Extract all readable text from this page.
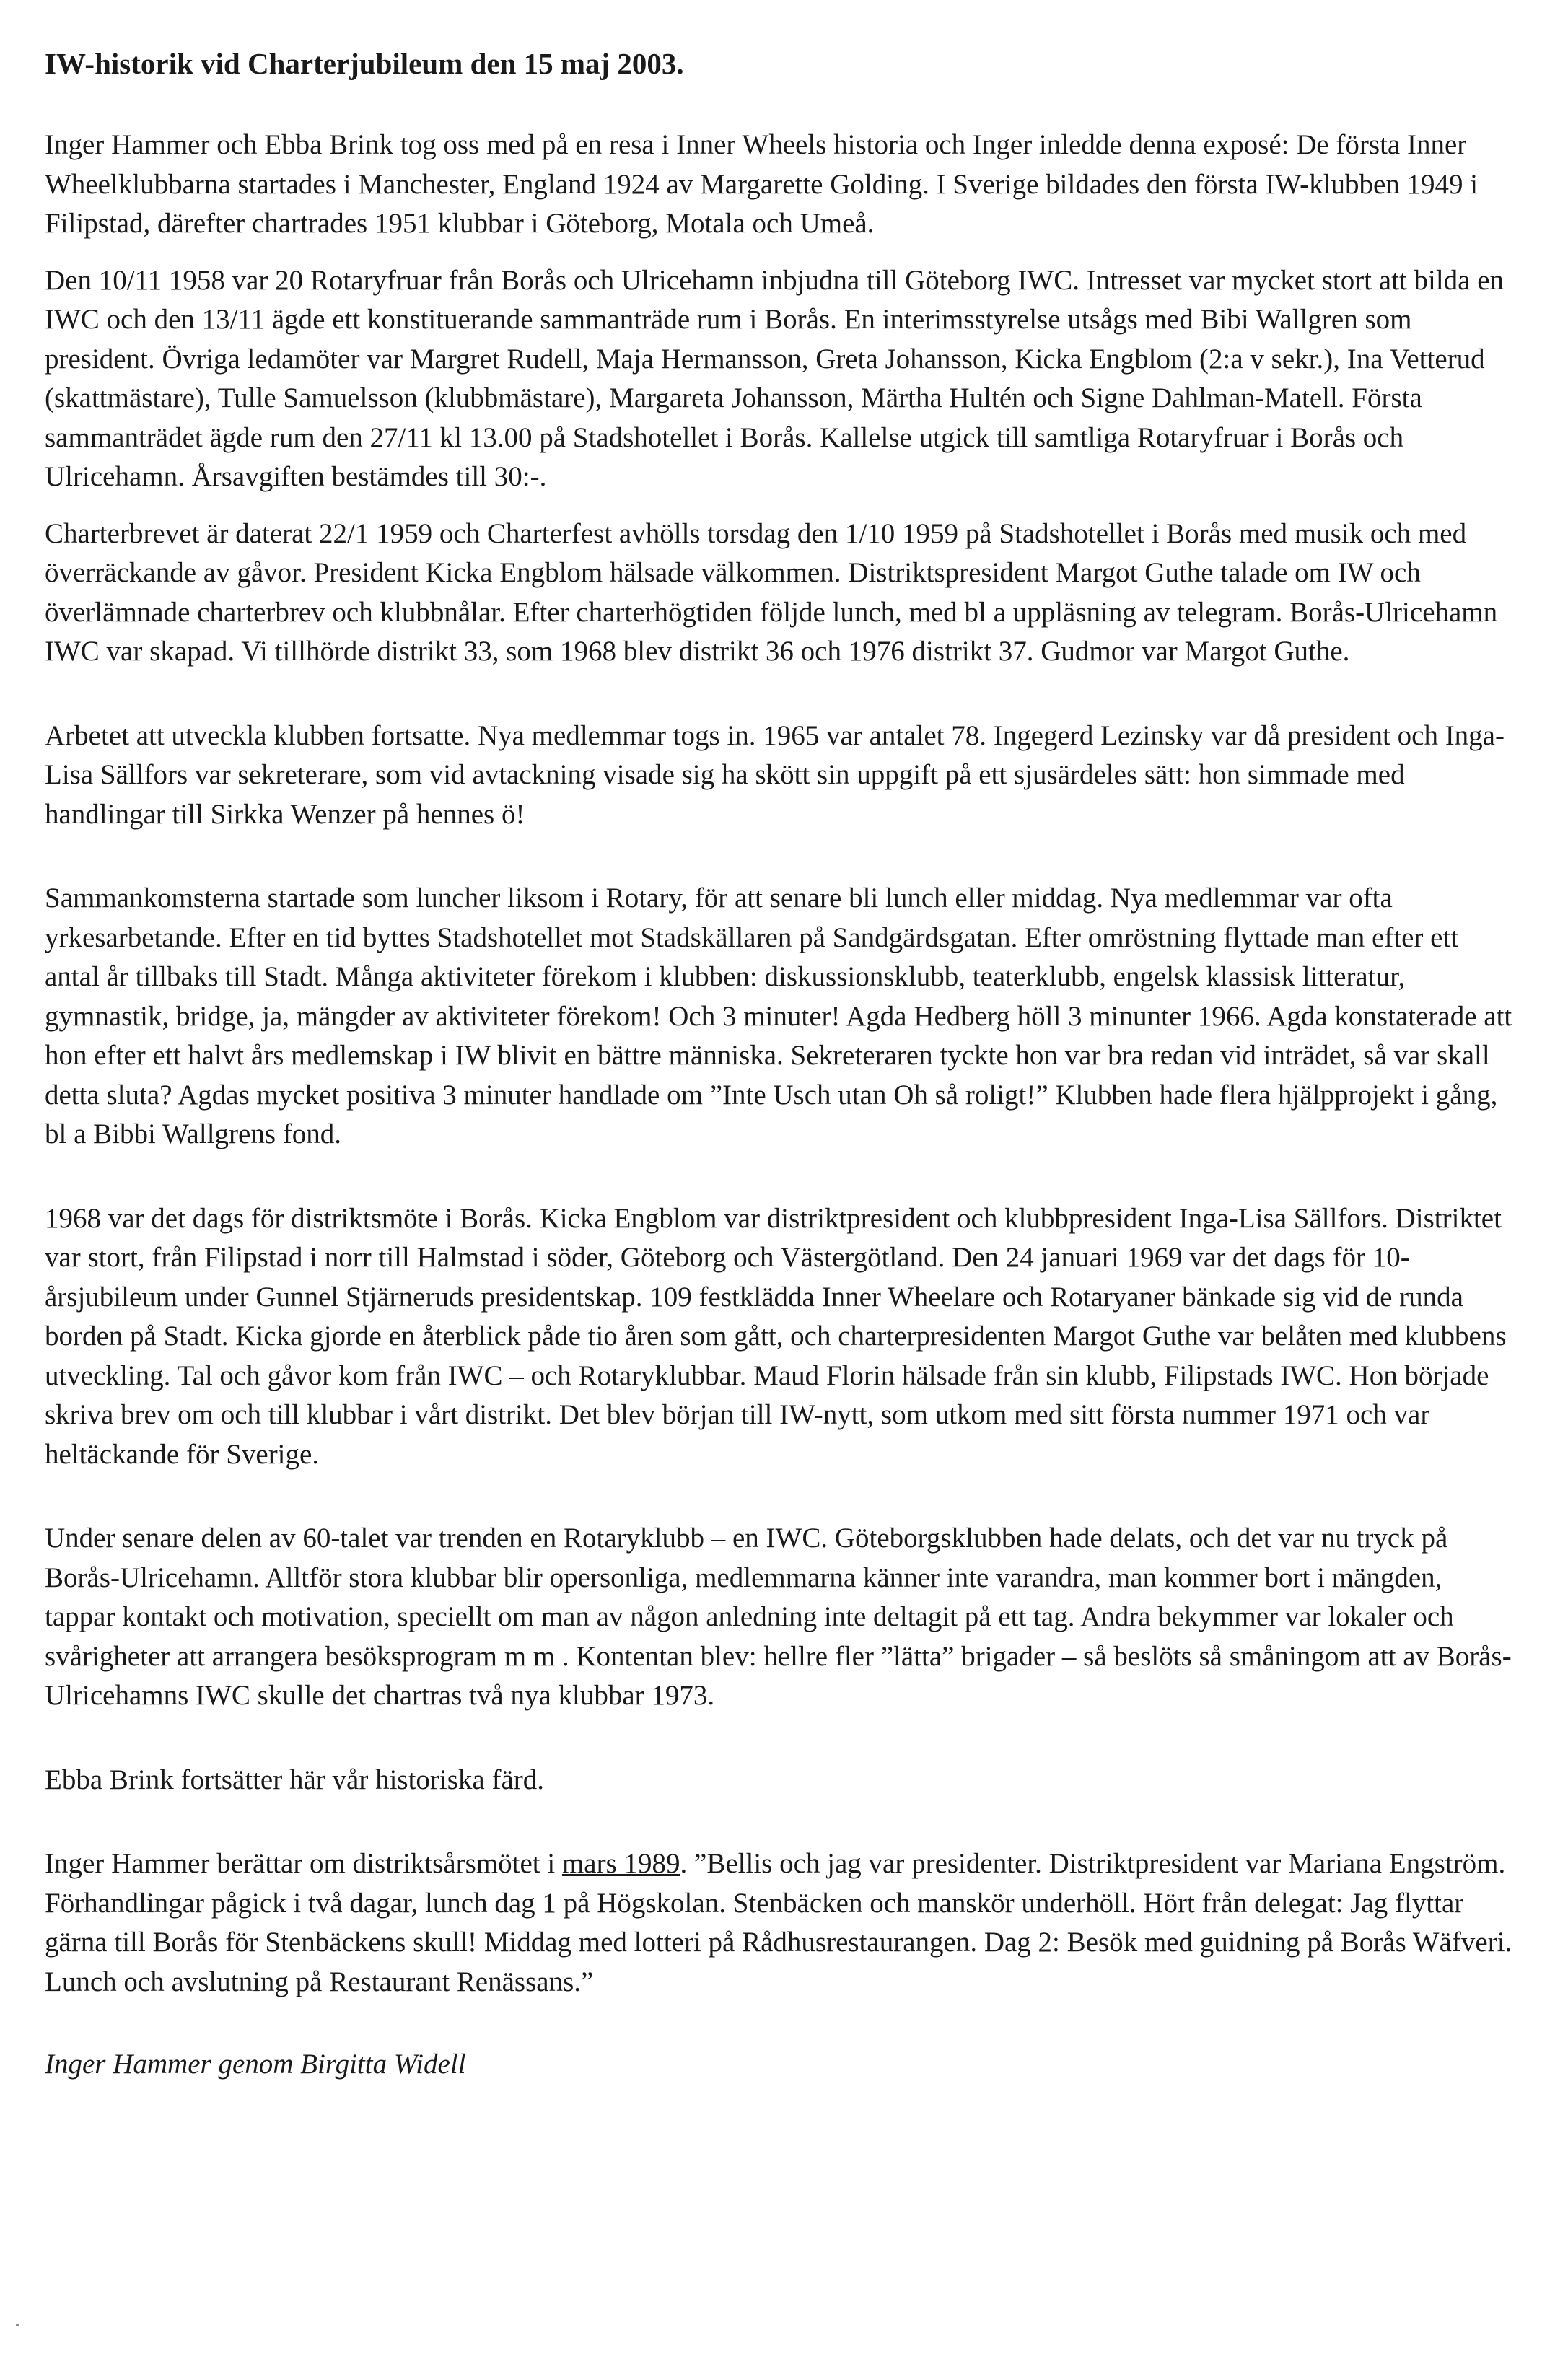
IW-historik vid Charterjubileum den 15 maj 2003.

Inger Hammer och Ebba Brink tog oss med på en resa i Inner Wheels historia och Inger inledde denna exposé: De första Inner Wheelklubbarna startades i Manchester, England 1924 av Margarette Golding. I Sverige bildades den första IW-klubben 1949 i Filipstad, därefter chartrades 1951 klubbar i Göteborg, Motala och Umeå.

Den 10/11 1958 var 20 Rotaryfruar från Borås och Ulricehamn inbjudna till Göteborg IWC. Intresset var mycket stort att bilda en IWC och den 13/11 ägde ett konstituerande sammanträde rum i Borås. En interimsstyrelse utsågs med Bibi Wallgren som president. Övriga ledamöter var Margret Rudell, Maja Hermansson, Greta Johansson, Kicka Engblom (2:a v sekr.), Ina Vetterud (skattmästare), Tulle Samuelsson (klubbmästare), Margareta Johansson, Märtha Hultén och Signe Dahlman-Matell. Första sammanträdet ägde rum den 27/11 kl 13.00 på Stadshotellet i Borås. Kallelse utgick till samtliga Rotaryfruar i Borås och Ulricehamn. Årsavgiften bestämdes till 30:-.

Charterbrevet är daterat 22/1 1959 och Charterfest avhölls torsdag den 1/10 1959 på Stadshotellet i Borås med musik och med överräckande av gåvor. President Kicka Engblom hälsade välkommen. Distriktspresident Margot Guthe talade om IW och överlämnade charterbrev och klubbnålar. Efter charterhögtiden följde lunch, med bl a uppläsning av telegram. Borås-Ulricehamn IWC var skapad. Vi tillhörde distrikt 33, som 1968 blev distrikt 36 och 1976 distrikt 37. Gudmor var Margot Guthe.

Arbetet att utveckla klubben fortsatte. Nya medlemmar togs in. 1965 var antalet 78. Ingegerd Lezinsky var då president och Inga-Lisa Sällfors var sekreterare, som vid avtackning visade sig ha skött sin uppgift på ett sjusärdeles sätt: hon simmade med handlingar till Sirkka Wenzer på hennes ö!

Sammankomsterna startade som luncher liksom i Rotary, för att senare bli lunch eller middag. Nya medlemmar var ofta yrkesarbetande. Efter en tid byttes Stadshotellet mot Stadskällaren på Sandgärdsgatan. Efter omröstning flyttade man efter ett antal år tillbaks till Stadt. Många aktiviteter förekom i klubben: diskussionsklubb, teaterklubb, engelsk klassisk litteratur, gymnastik, bridge, ja, mängder av aktiviteter förekom! Och 3 minuter! Agda Hedberg höll 3 minunter 1966. Agda konstaterade att hon efter ett halvt års medlemskap i IW blivit en bättre människa. Sekreteraren tyckte hon var bra redan vid inträdet, så var skall detta sluta? Agdas mycket positiva 3 minuter handlade om ”Inte Usch utan Oh så roligt!” Klubben hade flera hjälpprojekt i gång, bl a Bibbi Wallgrens fond.

1968 var det dags för distriktsmöte i Borås. Kicka Engblom var distriktpresident och klubbpresident Inga-Lisa Sällfors. Distriktet var stort, från Filipstad i norr till Halmstad i söder, Göteborg och Västergötland. Den 24 januari 1969 var det dags för 10-årsjubileum under Gunnel Stjärneruds presidentskap. 109 festklädda Inner Wheelare och Rotaryaner bänkade sig vid de runda borden på Stadt. Kicka gjorde en återblick påde tio åren som gått, och charterpresidenten Margot Guthe var belåten med klubbens utveckling. Tal och gåvor kom från IWC – och Rotaryklubbar. Maud Florin hälsade från sin klubb, Filipstads IWC. Hon började skriva brev om och till klubbar i vårt distrikt. Det blev början till IW-nytt, som utkom med sitt första nummer 1971 och var heltäckande för Sverige.

Under senare delen av 60-talet var trenden en Rotaryklubb – en IWC. Göteborgsklubben hade delats, och det var nu tryck på Borås-Ulricehamn. Alltför stora klubbar blir opersonliga, medlemmarna känner inte varandra, man kommer bort i mängden, tappar kontakt och motivation, speciellt om man av någon anledning inte deltagit på ett tag. Andra bekymmer var lokaler och svårigheter att arrangera besöksprogram m m . Kontentan blev: hellre fler ”lätta” brigader – så beslöts så småningom att av Borås-Ulricehamns IWC skulle det chartras två nya klubbar 1973.

Ebba Brink fortsätter här vår historiska färd.

Inger Hammer berättar om distriktsårsmötet i mars 1989. ”Bellis och jag var presidenter. Distriktpresident var Mariana Engström. Förhandlingar pågick i två dagar, lunch dag 1 på Högskolan. Stenbäcken och manskör underhöll. Hört från delegat: Jag flyttar gärna till Borås för Stenbäckens skull! Middag med lotteri på Rådhusrestaurangen. Dag 2: Besök med guidning på Borås Wäfveri. Lunch och avslutning på Restaurant Renässans.”

Inger Hammer genom Birgitta Widell
